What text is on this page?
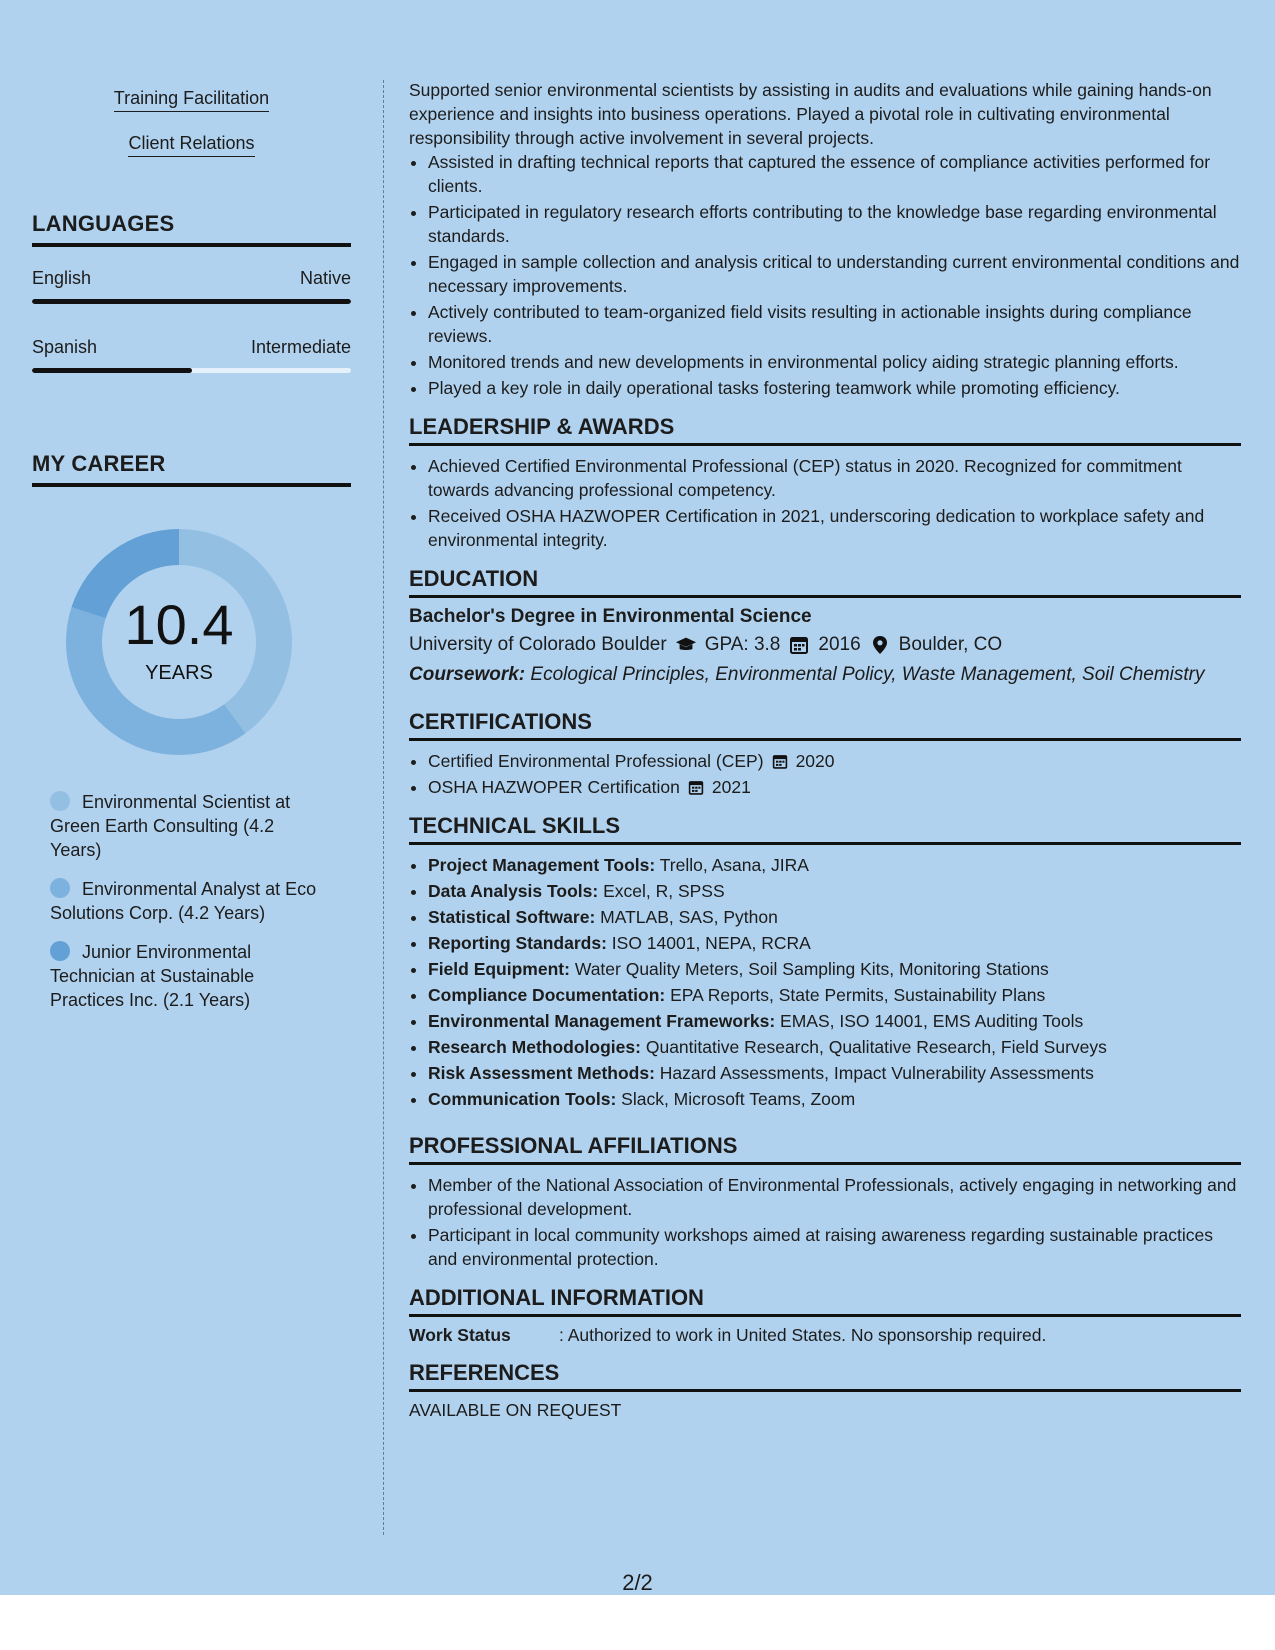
Training Facilitation
Client Relations
LANGUAGES
English	Native
Spanish	Intermediate
MY CAREER
10.4
YEARS
Environmental Scientist at Green Earth Consulting (4.2 Years)
Environmental Analyst at Eco Solutions Corp. (4.2 Years)
Junior Environmental Technician at Sustainable Practices Inc. (2.1 Years)

Supported senior environmental scientists by assisting in audits and evaluations while gaining hands-on experience and insights into business operations. Played a pivotal role in cultivating environmental responsibility through active involvement in several projects.

• Assisted in drafting technical reports that captured the essence of compliance activities performed for clients.
• Participated in regulatory research efforts contributing to the knowledge base regarding environmental standards.
• Engaged in sample collection and analysis critical to understanding current environmental conditions and necessary improvements.
• Actively contributed to team-organized field visits resulting in actionable insights during compliance reviews.
• Monitored trends and new developments in environmental policy aiding strategic planning efforts.
• Played a key role in daily operational tasks fostering teamwork while promoting efficiency.
LEADERSHIP & AWARDS
• Achieved Certified Environmental Professional (CEP) status in 2020. Recognized for commitment towards advancing professional competency.
• Received OSHA HAZWOPER Certification in 2021, underscoring dedication to workplace safety and environmental integrity.
EDUCATION
Bachelor's Degree in Environmental Science
University of Colorado Boulder GPA: 3.8 2016 Boulder, CO
Coursework: Ecological Principles, Environmental Policy, Waste Management, Soil Chemistry
CERTIFICATIONS
• Certified Environmental Professional (CEP) 2020
• OSHA HAZWOPER Certification 2021
TECHNICAL SKILLS
• Project Management Tools: Trello, Asana, JIRA
• Data Analysis Tools: Excel, R, SPSS
• Statistical Software: MATLAB, SAS, Python
• Reporting Standards: ISO 14001, NEPA, RCRA
• Field Equipment: Water Quality Meters, Soil Sampling Kits, Monitoring Stations
• Compliance Documentation: EPA Reports, State Permits, Sustainability Plans
• Environmental Management Frameworks: EMAS, ISO 14001, EMS Auditing Tools
• Research Methodologies: Quantitative Research, Qualitative Research, Field Surveys
• Risk Assessment Methods: Hazard Assessments, Impact Vulnerability Assessments
• Communication Tools: Slack, Microsoft Teams, Zoom
PROFESSIONAL AFFILIATIONS
• Member of the National Association of Environmental Professionals, actively engaging in networking and professional development.
• Participant in local community workshops aimed at raising awareness regarding sustainable practices and environmental protection.
ADDITIONAL INFORMATION
Work Status	: Authorized to work in United States. No sponsorship required.
REFERENCES
AVAILABLE ON REQUEST
2/2
